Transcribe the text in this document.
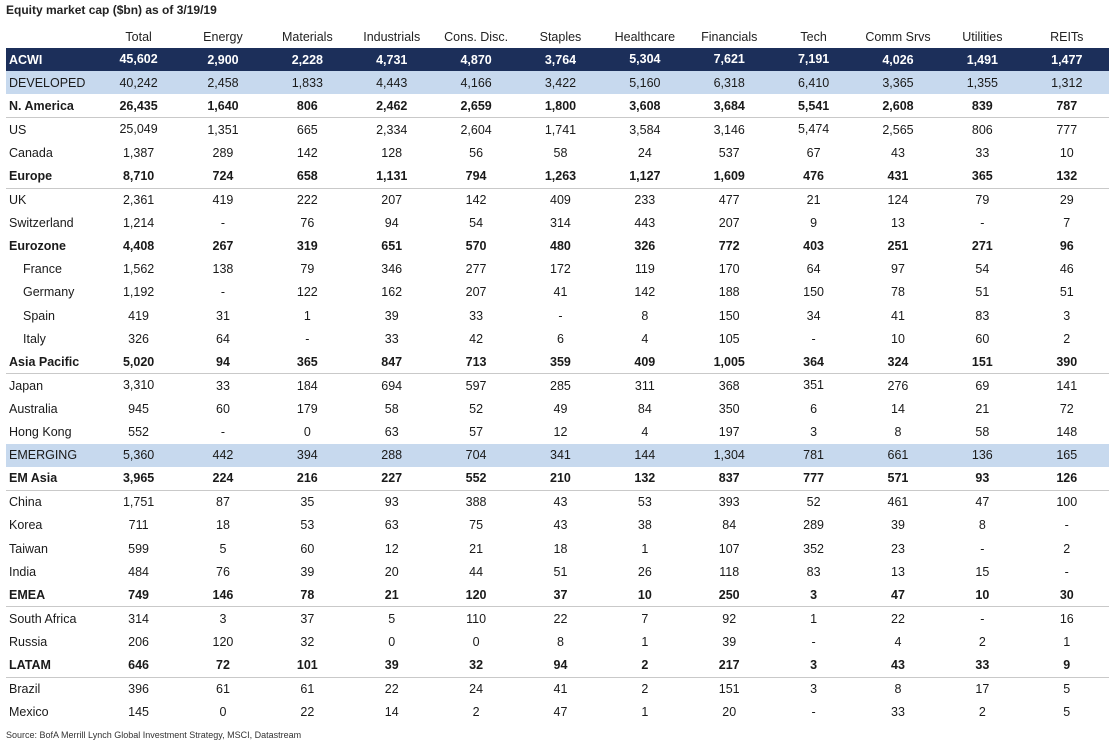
Equity market cap ($bn) as of 3/19/19
	Total	Energy	Materials	Industrials	Cons. Disc.	Staples	Healthcare	Financials	Tech	Comm Srvs	Utilities	REITs
ACWI	45,602	2,900	2,228	4,731	4,870	3,764	5,304	7,621	7,191	4,026	1,491	1,477
DEVELOPED	40,242	2,458	1,833	4,443	4,166	3,422	5,160	6,318	6,410	3,365	1,355	1,312
N. America	26,435	1,640	806	2,462	2,659	1,800	3,608	3,684	5,541	2,608	839	787
US	25,049	1,351	665	2,334	2,604	1,741	3,584	3,146	5,474	2,565	806	777
Canada	1,387	289	142	128	56	58	24	537	67	43	33	10
Europe	8,710	724	658	1,131	794	1,263	1,127	1,609	476	431	365	132
UK	2,361	419	222	207	142	409	233	477	21	124	79	29
Switzerland	1,214	-	76	94	54	314	443	207	9	13	-	7
Eurozone	4,408	267	319	651	570	480	326	772	403	251	271	96
France	1,562	138	79	346	277	172	119	170	64	97	54	46
Germany	1,192	-	122	162	207	41	142	188	150	78	51	51
Spain	419	31	1	39	33	-	8	150	34	41	83	3
Italy	326	64	-	33	42	6	4	105	-	10	60	2
Asia Pacific	5,020	94	365	847	713	359	409	1,005	364	324	151	390
Japan	3,310	33	184	694	597	285	311	368	351	276	69	141
Australia	945	60	179	58	52	49	84	350	6	14	21	72
Hong Kong	552	-	0	63	57	12	4	197	3	8	58	148
EMERGING	5,360	442	394	288	704	341	144	1,304	781	661	136	165
EM Asia	3,965	224	216	227	552	210	132	837	777	571	93	126
China	1,751	87	35	93	388	43	53	393	52	461	47	100
Korea	711	18	53	63	75	43	38	84	289	39	8	-
Taiwan	599	5	60	12	21	18	1	107	352	23	-	2
India	484	76	39	20	44	51	26	118	83	13	15	-
EMEA	749	146	78	21	120	37	10	250	3	47	10	30
South Africa	314	3	37	5	110	22	7	92	1	22	-	16
Russia	206	120	32	0	0	8	1	39	-	4	2	1
LATAM	646	72	101	39	32	94	2	217	3	43	33	9
Brazil	396	61	61	22	24	41	2	151	3	8	17	5
Mexico	145	0	22	14	2	47	1	20	-	33	2	5
Source: BofA Merrill Lynch Global Investment Strategy, MSCI, Datastream
